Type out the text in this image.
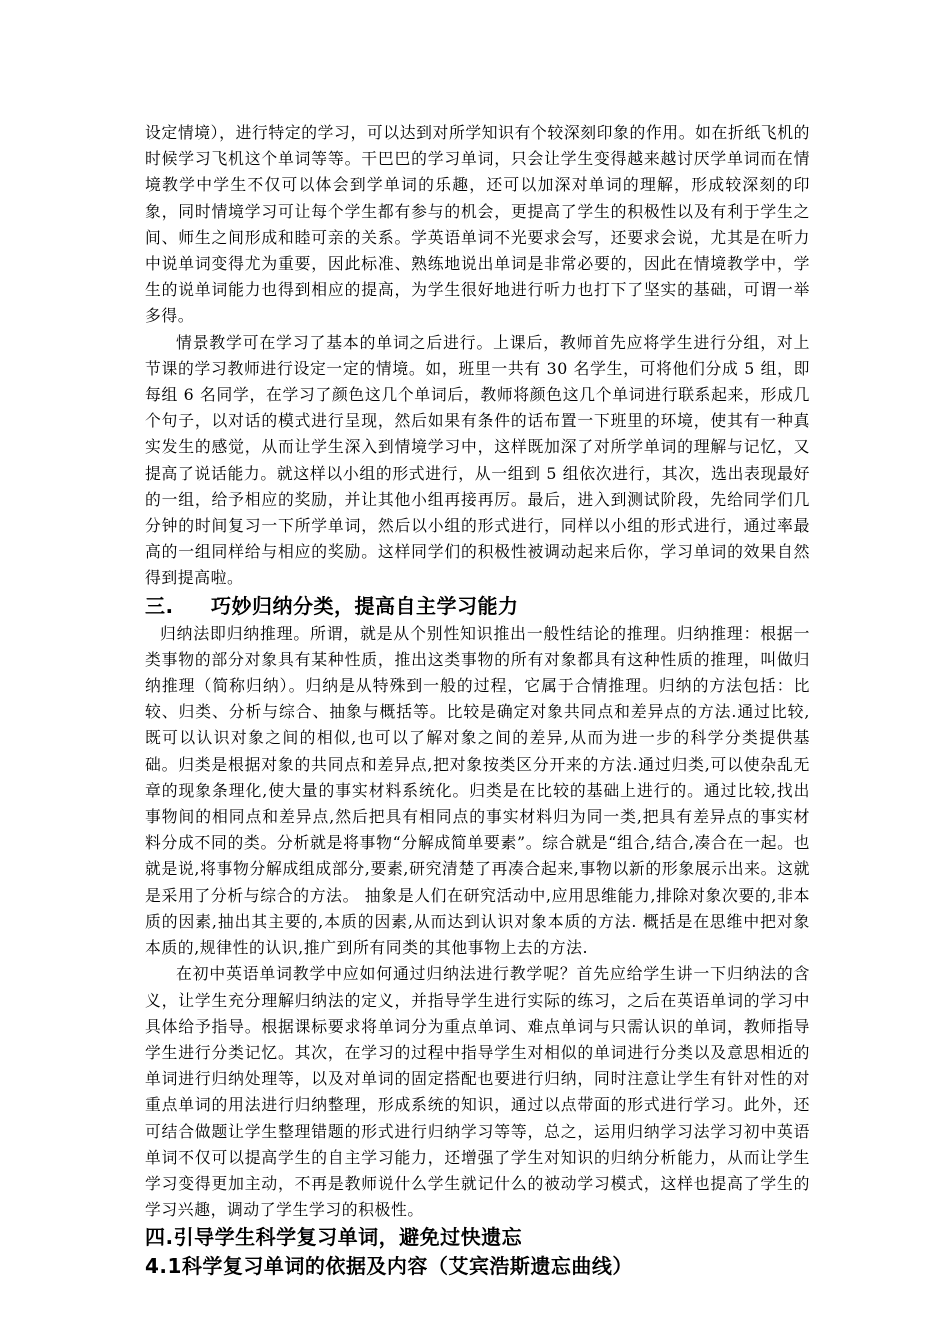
设定情境），进行特定的学习，可以达到对所学知识有个较深刻印象的作用。如在折纸飞机的时候学习飞机这个单词等等。干巴巴的学习单词，只会让学生变得越来越讨厌学单词而在情境教学中学生不仅可以体会到学单词的乐趣，还可以加深对单词的理解，形成较深刻的印象，同时情境学习可让每个学生都有参与的机会，更提高了学生的积极性以及有利于学生之间、师生之间形成和睦可亲的关系。学英语单词不光要求会写，还要求会说，尤其是在听力中说单词变得尤为重要，因此标准、熟练地说出单词是非常必要的，因此在情境教学中，学生的说单词能力也得到相应的提高，为学生很好地进行听力也打下了坚实的基础，可谓一举多得。

情景教学可在学习了基本的单词之后进行。上课后，教师首先应将学生进行分组，对上节课的学习教师进行设定一定的情境。如，班里一共有 30 名学生，可将他们分成 5 组，即每组 6 名同学，在学习了颜色这几个单词后，教师将颜色这几个单词进行联系起来，形成几个句子，以对话的模式进行呈现，然后如果有条件的话布置一下班里的环境，使其有一种真实发生的感觉，从而让学生深入到情境学习中，这样既加深了对所学单词的理解与记忆，又提高了说话能力。就这样以小组的形式进行，从一组到 5 组依次进行，其次，选出表现最好的一组，给予相应的奖励，并让其他小组再接再厉。最后，进入到测试阶段，先给同学们几分钟的时间复习一下所学单词，然后以小组的形式进行，同样以小组的形式进行，通过率最高的一组同样给与相应的奖励。这样同学们的积极性被调动起来后你，学习单词的效果自然得到提高啦。

三. 巧妙归纳分类，提高自主学习能力

归纳法即归纳推理。所谓，就是从个别性知识推出一般性结论的推理。归纳推理：根据一类事物的部分对象具有某种性质，推出这类事物的所有对象都具有这种性质的推理，叫做归纳推理（简称归纳）。归纳是从特殊到一般的过程，它属于合情推理。归纳的方法包括：比较、归类、分析与综合、抽象与概括等。比较是确定对象共同点和差异点的方法.通过比较,既可以认识对象之间的相似,也可以了解对象之间的差异,从而为进一步的科学分类提供基础。归类是根据对象的共同点和差异点,把对象按类区分开来的方法.通过归类,可以使杂乱无章的现象条理化,使大量的事实材料系统化。归类是在比较的基础上进行的。通过比较,找出事物间的相同点和差异点,然后把具有相同点的事实材料归为同一类,把具有差异点的事实材料分成不同的类。分析就是将事物“分解成简单要素”。综合就是“组合,结合,凑合在一起。也就是说,将事物分解成组成部分,要素,研究清楚了再凑合起来,事物以新的形象展示出来。这就是采用了分析与综合的方法。 抽象是人们在研究活动中,应用思维能力,排除对象次要的,非本质的因素,抽出其主要的,本质的因素,从而达到认识对象本质的方法. 概括是在思维中把对象本质的,规律性的认识,推广到所有同类的其他事物上去的方法.

在初中英语单词教学中应如何通过归纳法进行教学呢？首先应给学生讲一下归纳法的含义，让学生充分理解归纳法的定义，并指导学生进行实际的练习，之后在英语单词的学习中具体给予指导。根据课标要求将单词分为重点单词、难点单词与只需认识的单词，教师指导学生进行分类记忆。其次，在学习的过程中指导学生对相似的单词进行分类以及意思相近的单词进行归纳处理等，以及对单词的固定搭配也要进行归纳，同时注意让学生有针对性的对重点单词的用法进行归纳整理，形成系统的知识，通过以点带面的形式进行学习。此外，还可结合做题让学生整理错题的形式进行归纳学习等等，总之，运用归纳学习法学习初中英语单词不仅可以提高学生的自主学习能力，还增强了学生对知识的归纳分析能力，从而让学生学习变得更加主动，不再是教师说什么学生就记什么的被动学习模式，这样也提高了学生的学习兴趣，调动了学生学习的积极性。

四.引导学生科学复习单词，避免过快遗忘
4.1科学复习单词的依据及内容（艾宾浩斯遗忘曲线）
